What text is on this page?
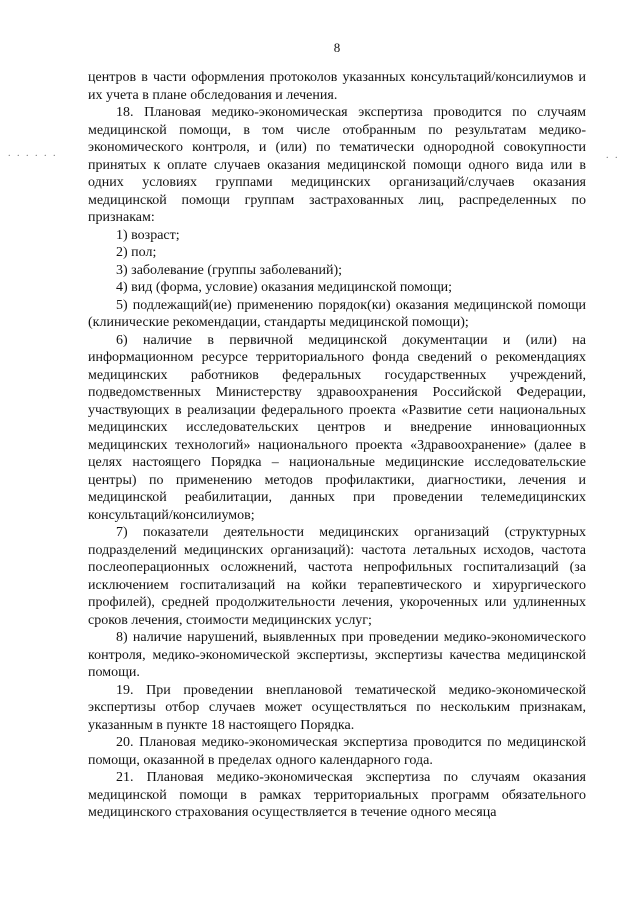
8

центров в части оформления протоколов указанных консультаций/консилиумов и их учета в плане обследования и лечения.

18. Плановая медико-экономическая экспертиза проводится по случаям медицинской помощи, в том числе отобранным по результатам медико-экономического контроля, и (или) по тематически однородной совокупности принятых к оплате случаев оказания медицинской помощи одного вида или в одних условиях группами медицинских организаций/случаев оказания медицинской помощи группам застрахованных лиц, распределенных по признакам:

1) возраст;

2) пол;

3) заболевание (группы заболеваний);

4) вид (форма, условие) оказания медицинской помощи;

5) подлежащий(ие) применению порядок(ки) оказания медицинской помощи (клинические рекомендации, стандарты медицинской помощи);

6) наличие в первичной медицинской документации и (или) на информационном ресурсе территориального фонда сведений о рекомендациях медицинских работников федеральных государственных учреждений, подведомственных Министерству здравоохранения Российской Федерации, участвующих в реализации федерального проекта «Развитие сети национальных медицинских исследовательских центров и внедрение инновационных медицинских технологий» национального проекта «Здравоохранение» (далее в целях настоящего Порядка – национальные медицинские исследовательские центры) по применению методов профилактики, диагностики, лечения и медицинской реабилитации, данных при проведении телемедицинских консультаций/консилиумов;

7) показатели деятельности медицинских организаций (структурных подразделений медицинских организаций): частота летальных исходов, частота послеоперационных осложнений, частота непрофильных госпитализаций (за исключением госпитализаций на койки терапевтического и хирургического профилей), средней продолжительности лечения, укороченных или удлиненных сроков лечения, стоимости медицинских услуг;

8) наличие нарушений, выявленных при проведении медико-экономического контроля, медико-экономической экспертизы, экспертизы качества медицинской помощи.

19. При проведении внеплановой тематической медико-экономической экспертизы отбор случаев может осуществляться по нескольким признакам, указанным в пункте 18 настоящего Порядка.

20. Плановая медико-экономическая экспертиза проводится по медицинской помощи, оказанной в пределах одного календарного года.

21. Плановая медико-экономическая экспертиза по случаям оказания медицинской помощи в рамках территориальных программ обязательного медицинского страхования осуществляется в течение одного месяца

. . . . . .	. .
